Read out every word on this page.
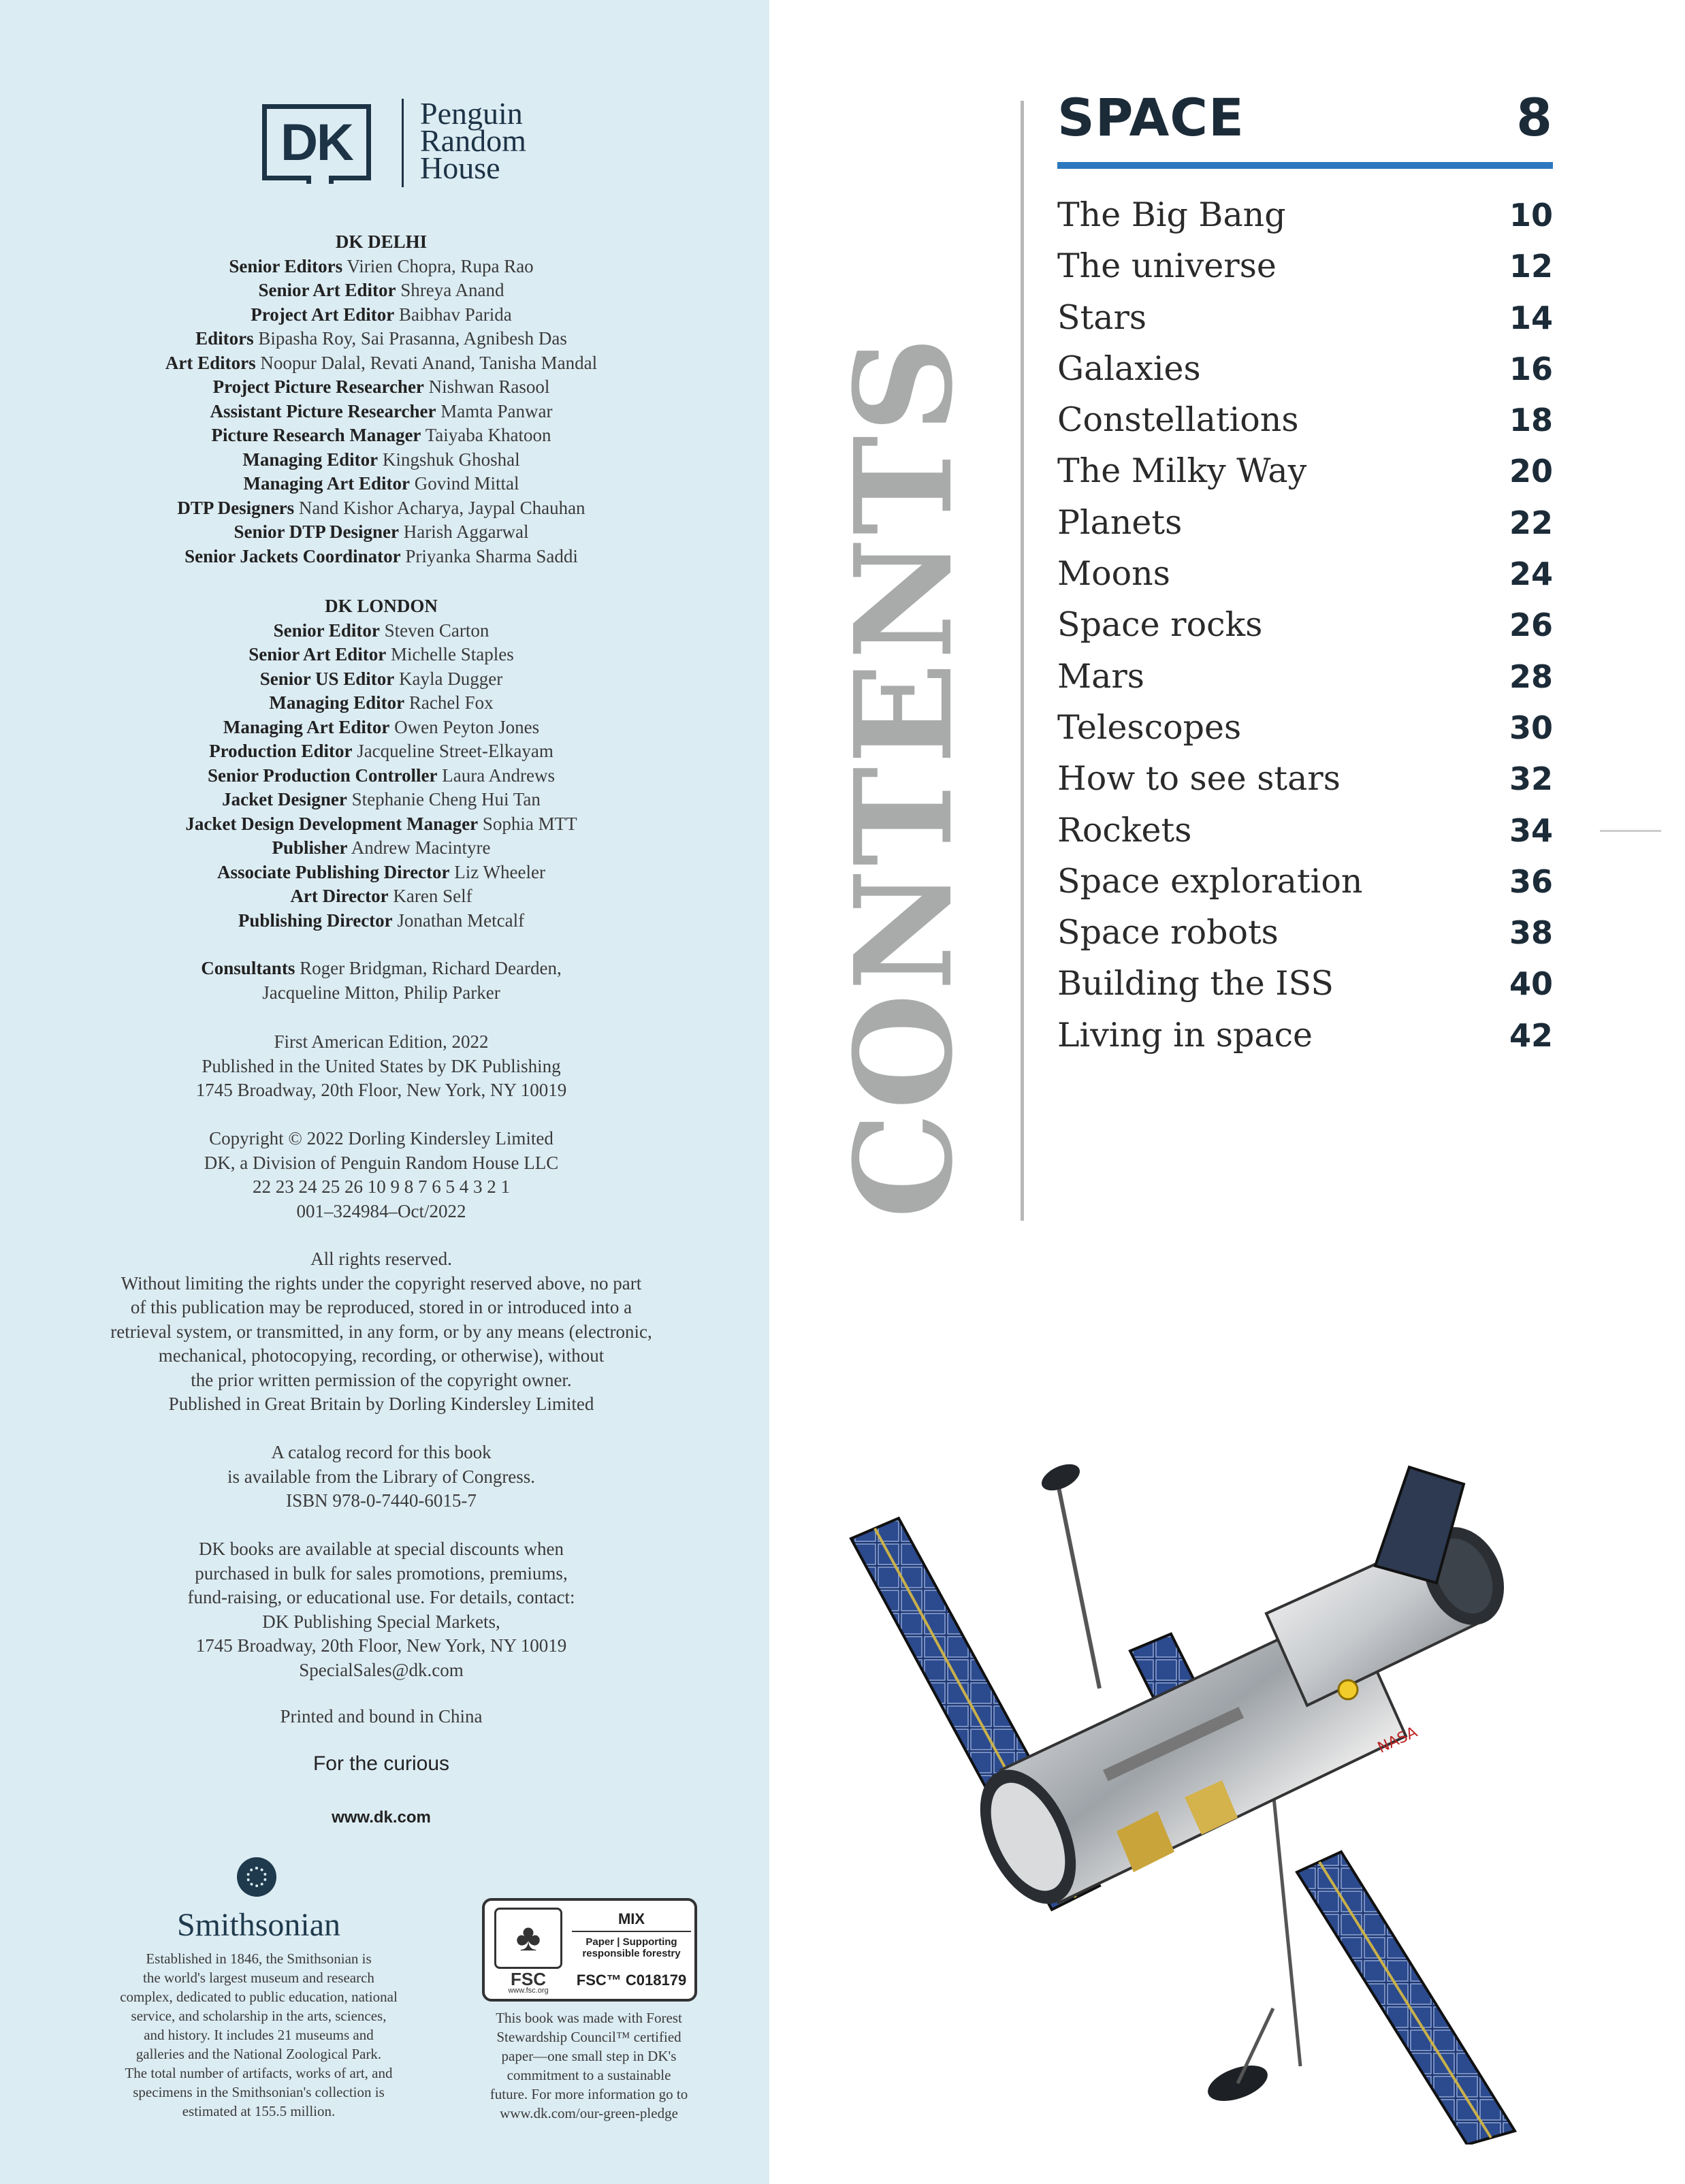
DK	Penguin
Random
House
DK DELHI
Senior Editors Virien Chopra, Rupa Rao
Senior Art Editor Shreya Anand
Project Art Editor Baibhav Parida
Editors Bipasha Roy, Sai Prasanna, Agnibesh Das
Art Editors Noopur Dalal, Revati Anand, Tanisha Mandal
Project Picture Researcher Nishwan Rasool
Assistant Picture Researcher Mamta Panwar
Picture Research Manager Taiyaba Khatoon
Managing Editor Kingshuk Ghoshal
Managing Art Editor Govind Mittal
DTP Designers Nand Kishor Acharya, Jaypal Chauhan
Senior DTP Designer Harish Aggarwal
Senior Jackets Coordinator Priyanka Sharma Saddi
DK LONDON
Senior Editor Steven Carton
Senior Art Editor Michelle Staples
Senior US Editor Kayla Dugger
Managing Editor Rachel Fox
Managing Art Editor Owen Peyton Jones
Production Editor Jacqueline Street-Elkayam
Senior Production Controller Laura Andrews
Jacket Designer Stephanie Cheng Hui Tan
Jacket Design Development Manager Sophia MTT
Publisher Andrew Macintyre
Associate Publishing Director Liz Wheeler
Art Director Karen Self
Publishing Director Jonathan Metcalf
Consultants Roger Bridgman, Richard Dearden,
Jacqueline Mitton, Philip Parker
First American Edition, 2022
Published in the United States by DK Publishing
1745 Broadway, 20th Floor, New York, NY 10019
Copyright © 2022 Dorling Kindersley Limited
DK, a Division of Penguin Random House LLC
22 23 24 25 26 10 9 8 7 6 5 4 3 2 1
001–324984–Oct/2022
All rights reserved.
Without limiting the rights under the copyright reserved above, no part
of this publication may be reproduced, stored in or introduced into a
retrieval system, or transmitted, in any form, or by any means (electronic,
mechanical, photocopying, recording, or otherwise), without
the prior written permission of the copyright owner.
Published in Great Britain by Dorling Kindersley Limited
A catalog record for this book
is available from the Library of Congress.
ISBN 978-0-7440-6015-7
DK books are available at special discounts when
purchased in bulk for sales promotions, premiums,
fund-raising, or educational use. For details, contact:
DK Publishing Special Markets,
1745 Broadway, 20th Floor, New York, NY 10019
SpecialSales@dk.com
Printed and bound in China
For the curious
www.dk.com
Smithsonian
Established in 1846, the Smithsonian is
the world's largest museum and research
complex, dedicated to public education, national
service, and scholarship in the arts, sciences,
and history. It includes 21 museums and
galleries and the National Zoological Park.
The total number of artifacts, works of art, and
specimens in the Smithsonian's collection is
estimated at 155.5 million.
♣
FSC
www.fsc.org
MIX
Paper | Supporting
responsible forestry
FSC™ C018179
This book was made with Forest
Stewardship Council™ certified
paper—one small step in DK's
commitment to a sustainable
future. For more information go to
www.dk.com/our-green-pledge
CONTENTS
SPACE	8
The Big Bang	10
The universe	12
Stars	14
Galaxies	16
Constellations	18
The Milky Way	20
Planets	22
Moons	24
Space rocks	26
Mars	28
Telescopes	30
How to see stars	32
Rockets	34
Space exploration	36
Space robots	38
Building the ISS	40
Living in space	42
NASA
